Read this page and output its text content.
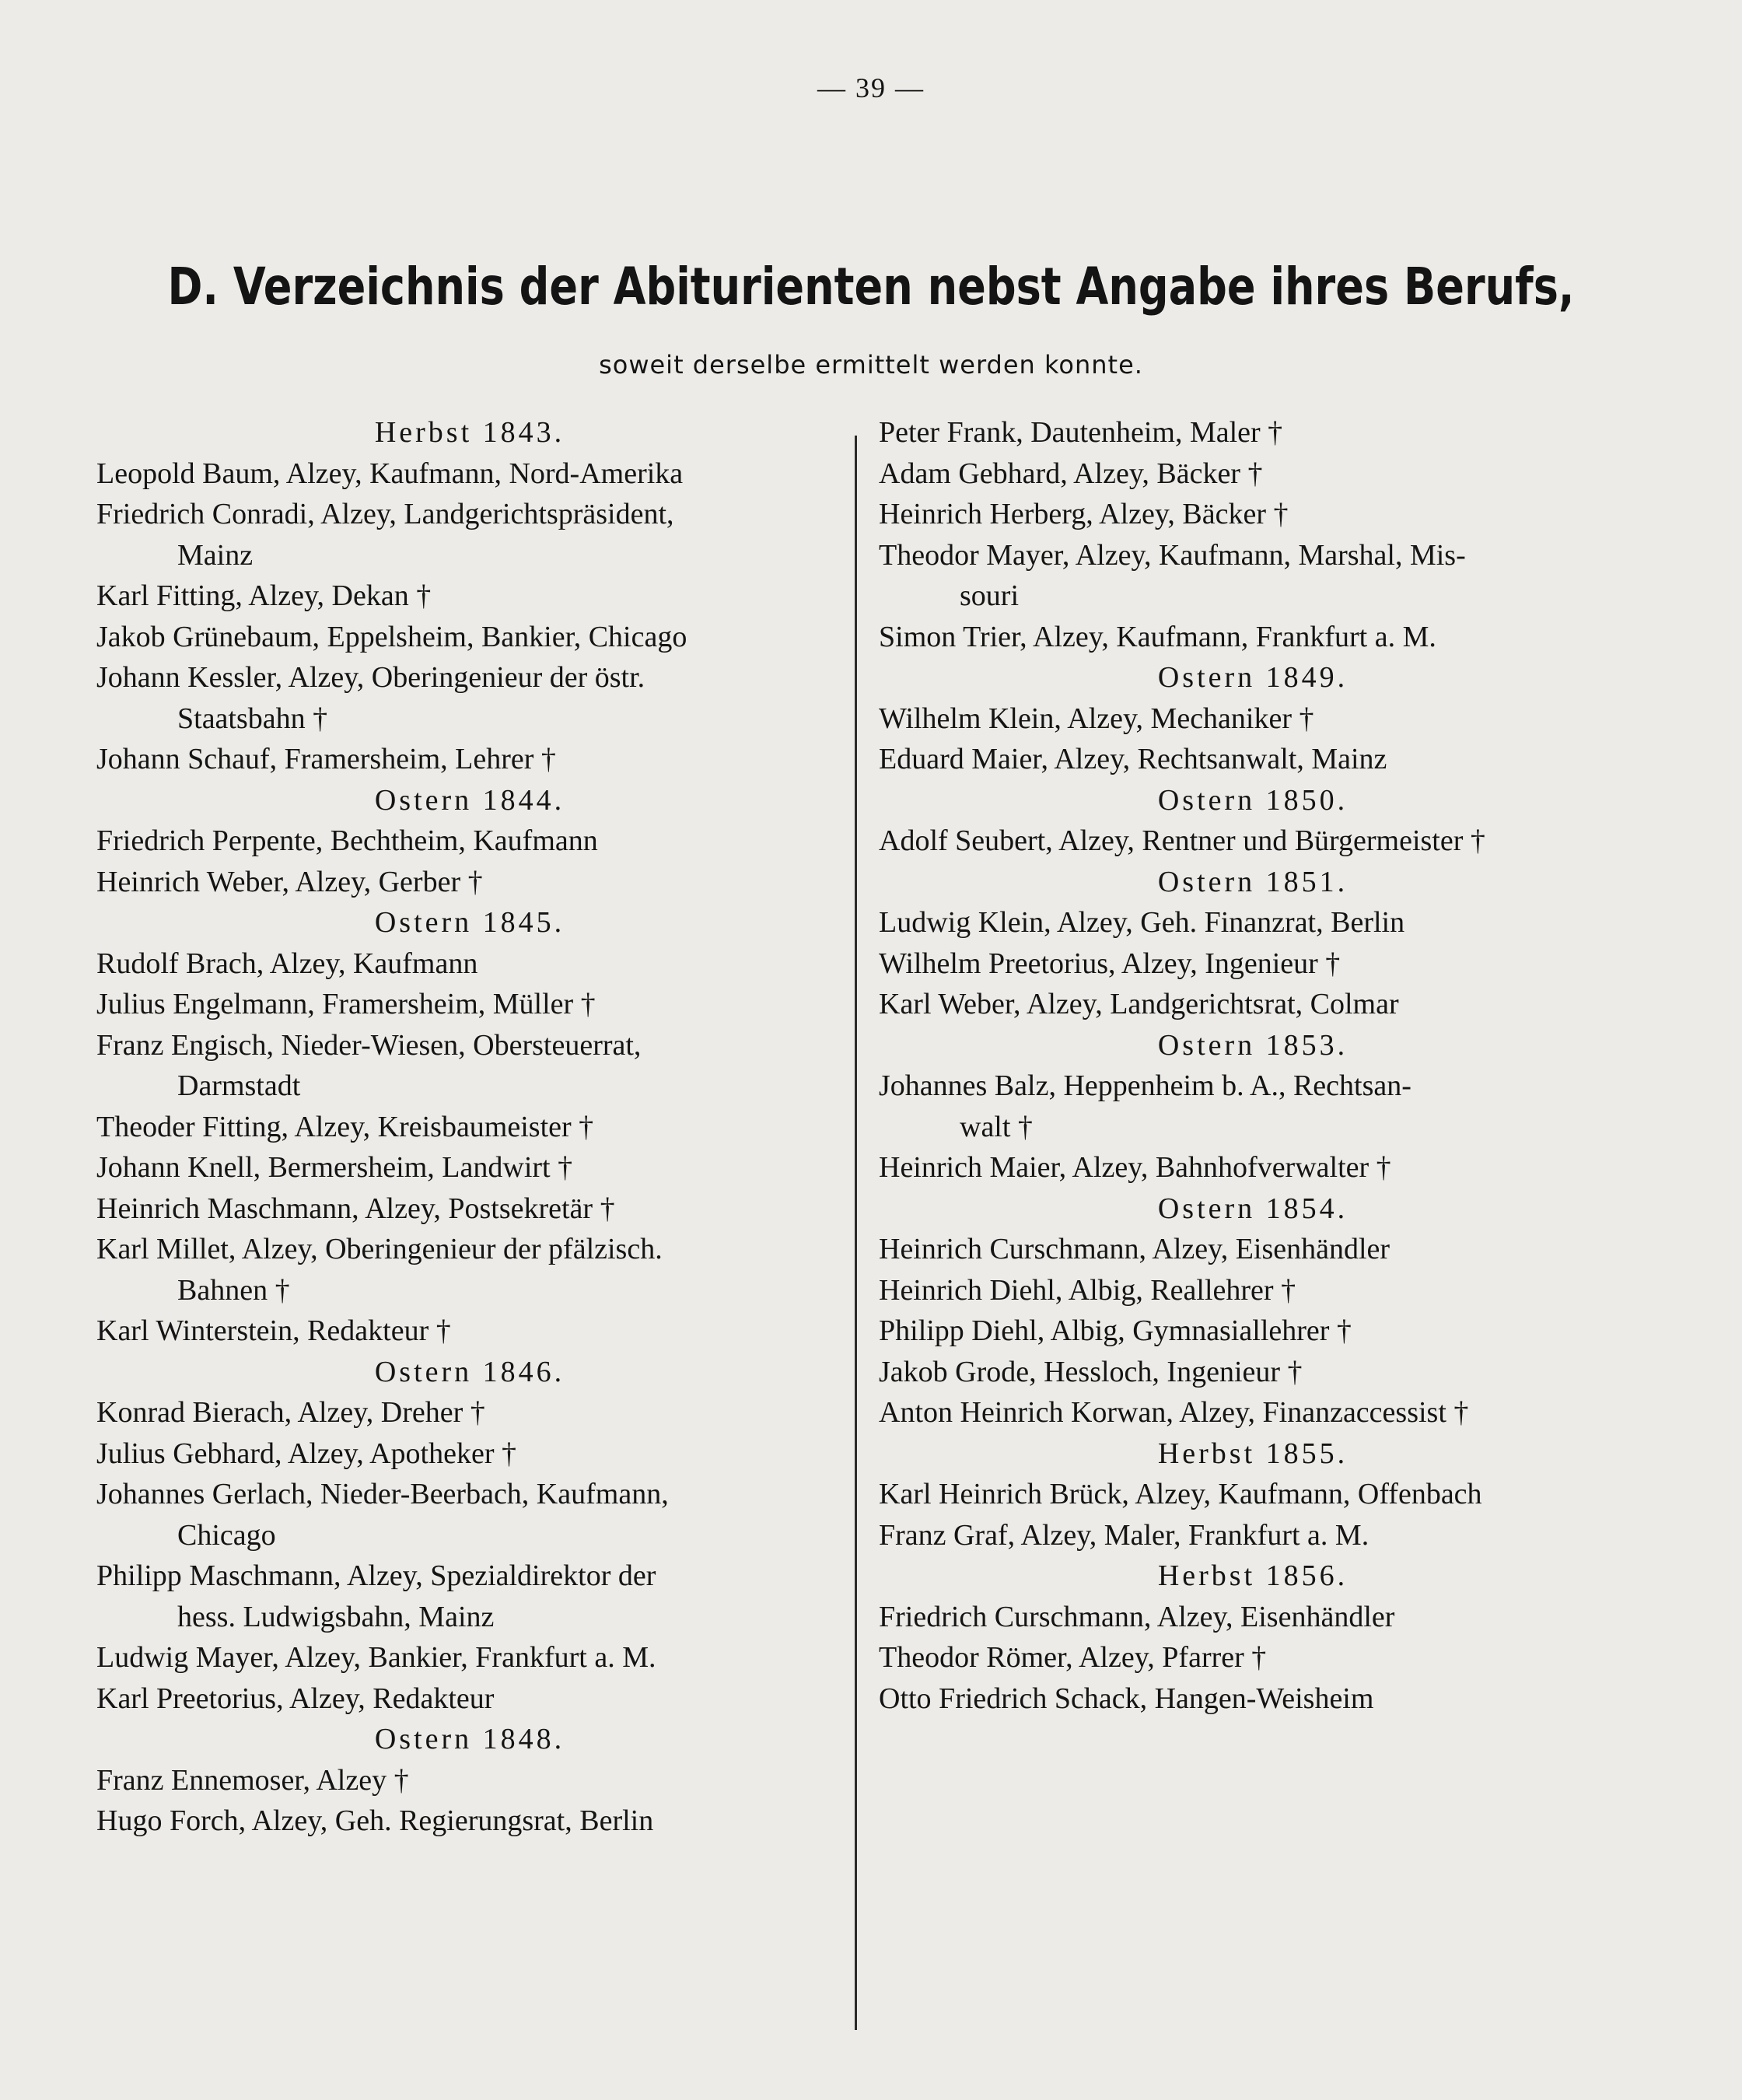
— 39 —
D. Verzeichnis der Abiturienten nebst Angabe ihres Berufs,
soweit derselbe ermittelt werden konnte.
Herbst 1843.
Leopold Baum, Alzey, Kaufmann, Nord-Amerika
Friedrich Conradi, Alzey, Landgerichtspräsident,
Mainz
Karl Fitting, Alzey, Dekan †
Jakob Grünebaum, Eppelsheim, Bankier, Chicago
Johann Kessler, Alzey, Oberingenieur der östr.
Staatsbahn †
Johann Schauf, Framersheim, Lehrer †
Ostern 1844.
Friedrich Perpente, Bechtheim, Kaufmann
Heinrich Weber, Alzey, Gerber †
Ostern 1845.
Rudolf Brach, Alzey, Kaufmann
Julius Engelmann, Framersheim, Müller †
Franz Engisch, Nieder-Wiesen, Obersteuerrat,
Darmstadt
Theoder Fitting, Alzey, Kreisbaumeister †
Johann Knell, Bermersheim, Landwirt †
Heinrich Maschmann, Alzey, Postsekretär †
Karl Millet, Alzey, Oberingenieur der pfälzisch.
Bahnen †
Karl Winterstein, Redakteur †
Ostern 1846.
Konrad Bierach, Alzey, Dreher †
Julius Gebhard, Alzey, Apotheker †
Johannes Gerlach, Nieder-Beerbach, Kaufmann,
Chicago
Philipp Maschmann, Alzey, Spezialdirektor der
hess. Ludwigsbahn, Mainz
Ludwig Mayer, Alzey, Bankier, Frankfurt a. M.
Karl Preetorius, Alzey, Redakteur
Ostern 1848.
Franz Ennemoser, Alzey †
Hugo Forch, Alzey, Geh. Regierungsrat, Berlin
Peter Frank, Dautenheim, Maler †
Adam Gebhard, Alzey, Bäcker †
Heinrich Herberg, Alzey, Bäcker †
Theodor Mayer, Alzey, Kaufmann, Marshal, Mis-
souri
Simon Trier, Alzey, Kaufmann, Frankfurt a. M.
Ostern 1849.
Wilhelm Klein, Alzey, Mechaniker †
Eduard Maier, Alzey, Rechtsanwalt, Mainz
Ostern 1850.
Adolf Seubert, Alzey, Rentner und Bürgermeister †
Ostern 1851.
Ludwig Klein, Alzey, Geh. Finanzrat, Berlin
Wilhelm Preetorius, Alzey, Ingenieur †
Karl Weber, Alzey, Landgerichtsrat, Colmar
Ostern 1853.
Johannes Balz, Heppenheim b. A., Rechtsan-
walt †
Heinrich Maier, Alzey, Bahnhofverwalter †
Ostern 1854.
Heinrich Curschmann, Alzey, Eisenhändler
Heinrich Diehl, Albig, Reallehrer †
Philipp Diehl, Albig, Gymnasiallehrer †
Jakob Grode, Hessloch, Ingenieur †
Anton Heinrich Korwan, Alzey, Finanzaccessist †
Herbst 1855.
Karl Heinrich Brück, Alzey, Kaufmann, Offenbach
Franz Graf, Alzey, Maler, Frankfurt a. M.
Herbst 1856.
Friedrich Curschmann, Alzey, Eisenhändler
Theodor Römer, Alzey, Pfarrer †
Otto Friedrich Schack, Hangen-Weisheim
